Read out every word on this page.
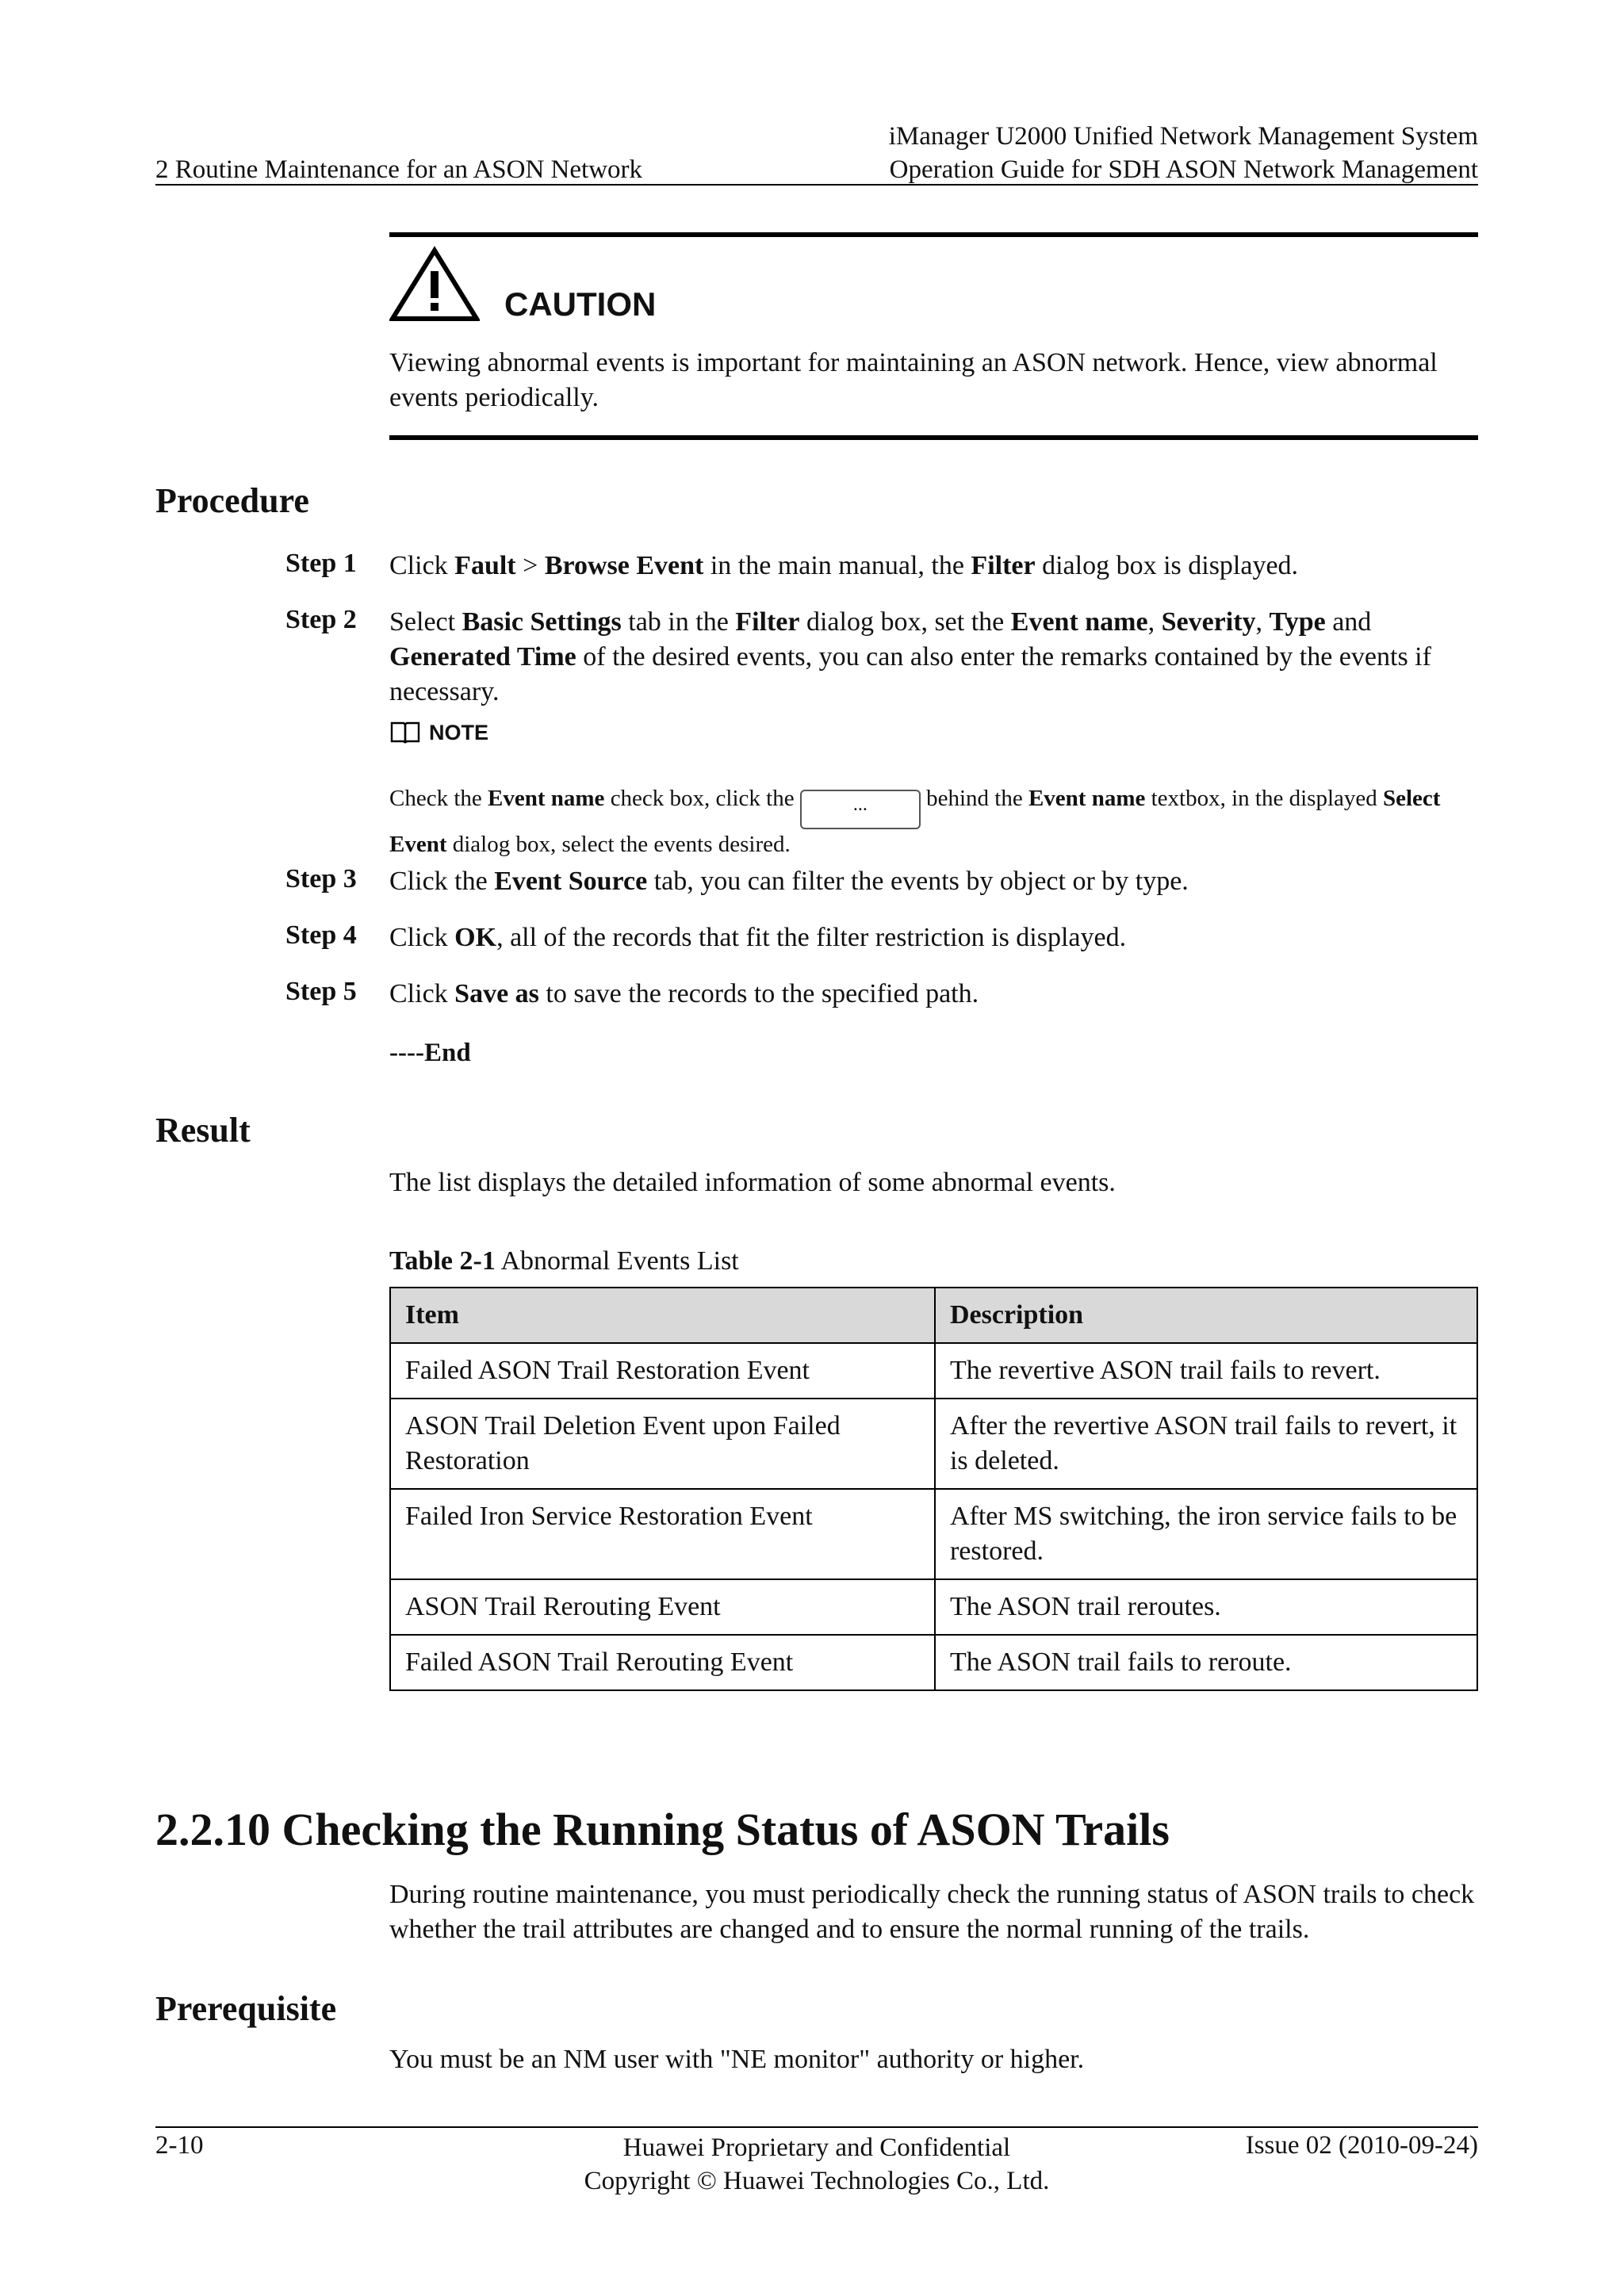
2 Routine Maintenance for an ASON Network
iManager U2000 Unified Network Management System
Operation Guide for SDH ASON Network Management
CAUTION
Viewing abnormal events is important for maintaining an ASON network. Hence, view abnormal events periodically.
Procedure
Step 1 Click Fault > Browse Event in the main manual, the Filter dialog box is displayed.
Step 2 Select Basic Settings tab in the Filter dialog box, set the Event name, Severity, Type and Generated Time of the desired events, you can also enter the remarks contained by the events if necessary.
NOTE
Check the Event name check box, click the	... behind the Event name textbox, in the displayed Select Event dialog box, select the events desired.
Step 3 Click the Event Source tab, you can filter the events by object or by type.
Step 4 Click OK, all of the records that fit the filter restriction is displayed.
Step 5 Click Save as to save the records to the specified path.
----End
Result
The list displays the detailed information of some abnormal events.
Table 2-1 Abnormal Events List
Item	Description
Failed ASON Trail Restoration Event	The revertive ASON trail fails to revert.
ASON Trail Deletion Event upon Failed Restoration	After the revertive ASON trail fails to revert, it is deleted.
Failed Iron Service Restoration Event	After MS switching, the iron service fails to be restored.
ASON Trail Rerouting Event	The ASON trail reroutes.
Failed ASON Trail Rerouting Event	The ASON trail fails to reroute.
2.2.10 Checking the Running Status of ASON Trails
During routine maintenance, you must periodically check the running status of ASON trails to check whether the trail attributes are changed and to ensure the normal running of the trails.
Prerequisite
You must be an NM user with "NE monitor" authority or higher.
2-10	Huawei Proprietary and Confidential
Copyright © Huawei Technologies Co., Ltd.
Issue 02 (2010-09-24)
